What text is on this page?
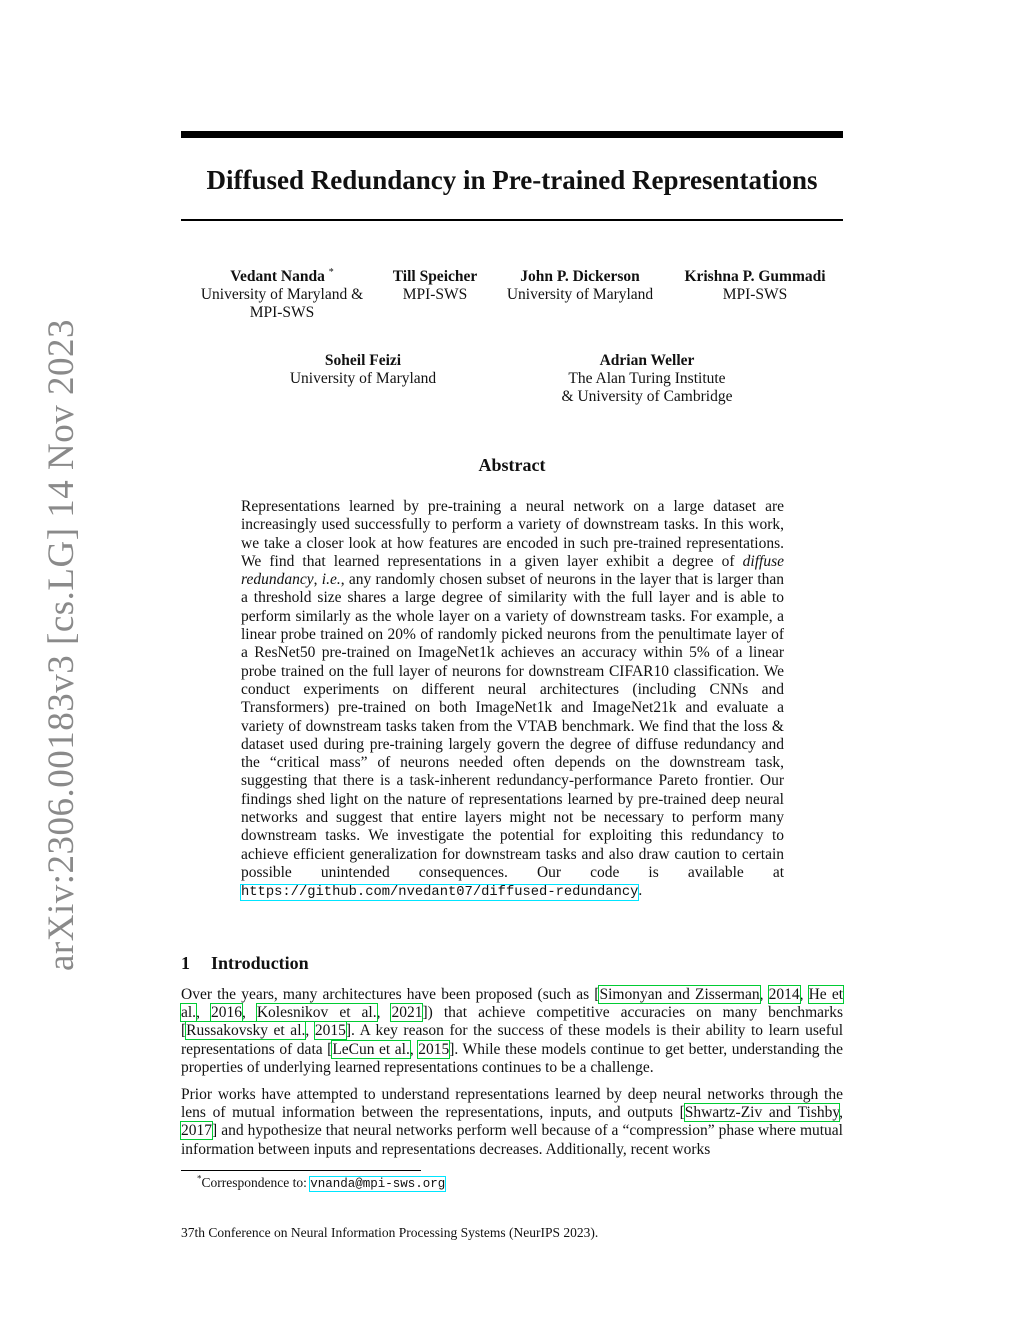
arXiv:2306.00183v3 [cs.LG] 14 Nov 2023
Diffused Redundancy in Pre-trained Representations
Vedant Nanda *
University of Maryland &
MPI-SWS
Till Speicher
MPI-SWS
John P. Dickerson
University of Maryland
Krishna P. Gummadi
MPI-SWS
Soheil Feizi
University of Maryland
Adrian Weller
The Alan Turing Institute
& University of Cambridge
Abstract
Representations learned by pre-training a neural network on a large dataset are increasingly used successfully to perform a variety of downstream tasks. In this work, we take a closer look at how features are encoded in such pre-trained representations. We find that learned representations in a given layer exhibit a degree of diffuse redundancy, i.e., any randomly chosen subset of neurons in the layer that is larger than a threshold size shares a large degree of similarity with the full layer and is able to perform similarly as the whole layer on a variety of downstream tasks. For example, a linear probe trained on 20% of randomly picked neurons from the penultimate layer of a ResNet50 pre-trained on ImageNet1k achieves an accuracy within 5% of a linear probe trained on the full layer of neurons for downstream CIFAR10 classification. We conduct experiments on different neural architectures (including CNNs and Transformers) pre-trained on both ImageNet1k and ImageNet21k and evaluate a variety of downstream tasks taken from the VTAB benchmark. We find that the loss & dataset used during pre-training largely govern the degree of diffuse redundancy and the “critical mass” of neurons needed often depends on the downstream task, suggesting that there is a task-inherent redundancy-performance Pareto frontier. Our findings shed light on the nature of representations learned by pre-trained deep neural networks and suggest that entire layers might not be necessary to perform many downstream tasks. We investigate the potential for exploiting this redundancy to achieve efficient generalization for downstream tasks and also draw caution to certain possible unintended consequences. Our code is available at https://github.com/nvedant07/diffused-redundancy.
1 Introduction
Over the years, many architectures have been proposed (such as [Simonyan and Zisserman, 2014, He et al., 2016, Kolesnikov et al., 2021]) that achieve competitive accuracies on many benchmarks [Russakovsky et al., 2015]. A key reason for the success of these models is their ability to learn useful representations of data [LeCun et al., 2015]. While these models continue to get better, understanding the properties of underlying learned representations continues to be a challenge.
Prior works have attempted to understand representations learned by deep neural networks through the lens of mutual information between the representations, inputs, and outputs [Shwartz-Ziv and Tishby, 2017] and hypothesize that neural networks perform well because of a “compression” phase where mutual information between inputs and representations decreases. Additionally, recent works
*Correspondence to: vnanda@mpi-sws.org
37th Conference on Neural Information Processing Systems (NeurIPS 2023).
